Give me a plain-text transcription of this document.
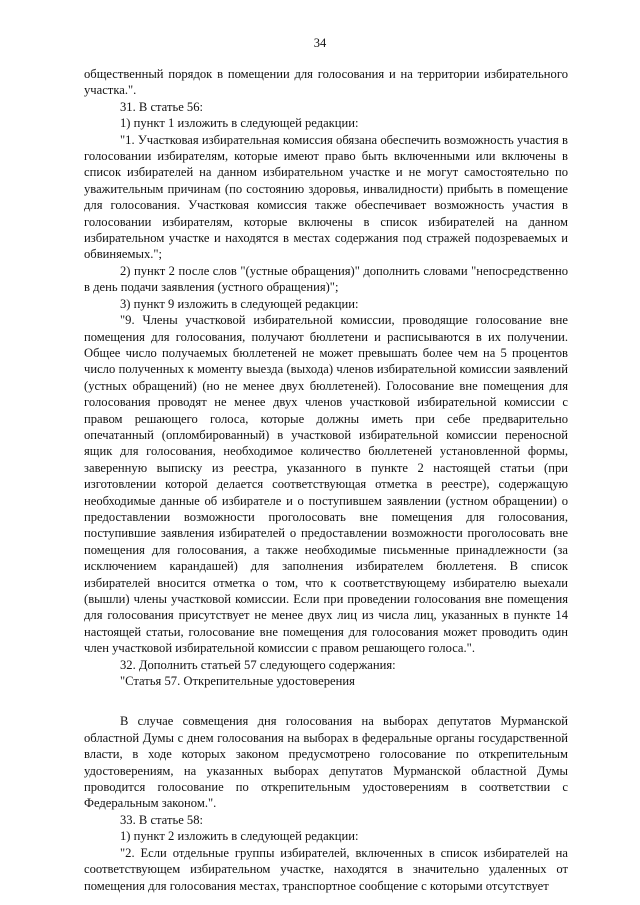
34

общественный порядок в помещении для голосования и на территории избирательного участка.".

31. В статье 56:

1) пункт 1 изложить в следующей редакции:

"1. Участковая избирательная комиссия обязана обеспечить возможность участия в голосовании избирателям, которые имеют право быть включенными или включены в список избирателей на данном избирательном участке и не могут самостоятельно по уважительным причинам (по состоянию здоровья, инвалидности) прибыть в помещение для голосования. Участковая комиссия также обеспечивает возможность участия в голосовании избирателям, которые включены в список избирателей на данном избирательном участке и находятся в местах содержания под стражей подозреваемых и обвиняемых.";

2) пункт 2 после слов "(устные обращения)" дополнить словами "непосредственно в день подачи заявления (устного обращения)";

3) пункт 9 изложить в следующей редакции:

"9. Члены участковой избирательной комиссии, проводящие голосование вне помещения для голосования, получают бюллетени и расписываются в их получении. Общее число получаемых бюллетеней не может превышать более чем на 5 процентов число полученных к моменту выезда (выхода) членов избирательной комиссии заявлений (устных обращений) (но не менее двух бюллетеней). Голосование вне помещения для голосования проводят не менее двух членов участковой избирательной комиссии с правом решающего голоса, которые должны иметь при себе предварительно опечатанный (опломбированный) в участковой избирательной комиссии переносной ящик для голосования, необходимое количество бюллетеней установленной формы, заверенную выписку из реестра, указанного в пункте 2 настоящей статьи (при изготовлении которой делается соответствующая отметка в реестре), содержащую необходимые данные об избирателе и о поступившем заявлении (устном обращении) о предоставлении возможности проголосовать вне помещения для голосования, поступившие заявления избирателей о предоставлении возможности проголосовать вне помещения для голосования, а также необходимые письменные принадлежности (за исключением карандашей) для заполнения избирателем бюллетеня. В список избирателей вносится отметка о том, что к соответствующему избирателю выехали (вышли) члены участковой комиссии. Если при проведении голосования вне помещения для голосования присутствует не менее двух лиц из числа лиц, указанных в пункте 14 настоящей статьи, голосование вне помещения для голосования может проводить один член участковой избирательной комиссии с правом решающего голоса.".

32. Дополнить статьей 57 следующего содержания:

"Статья 57. Открепительные удостоверения

В случае совмещения дня голосования на выборах депутатов Мурманской областной Думы с днем голосования на выборах в федеральные органы государственной власти, в ходе которых законом предусмотрено голосование по открепительным удостоверениям, на указанных выборах депутатов Мурманской областной Думы проводится голосование по открепительным удостоверениям в соответствии с Федеральным законом.".

33. В статье 58:

1) пункт 2 изложить в следующей редакции:

"2. Если отдельные группы избирателей, включенных в список избирателей на соответствующем избирательном участке, находятся в значительно удаленных от помещения для голосования местах, транспортное сообщение с которыми отсутствует
